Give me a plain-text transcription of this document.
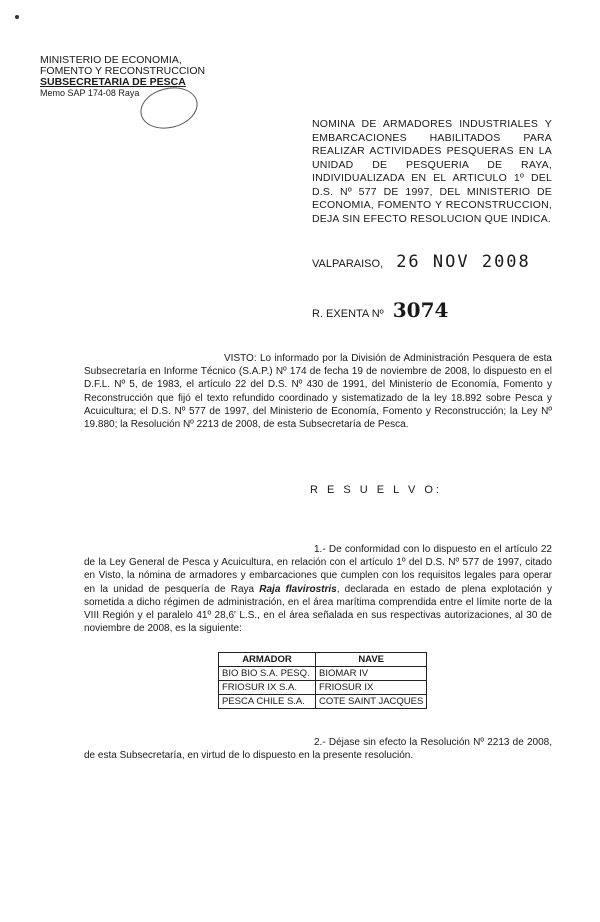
MINISTERIO DE ECONOMIA,
FOMENTO Y RECONSTRUCCION
SUBSECRETARIA DE PESCA
Memo SAP 174-08 Raya
NOMINA DE ARMADORES INDUSTRIALES Y EMBARCACIONES HABILITADOS PARA REALIZAR ACTIVIDADES PESQUERAS EN LA UNIDAD DE PESQUERIA DE RAYA, INDIVIDUALIZADA EN EL ARTICULO 1º DEL D.S. Nº 577 DE 1997, DEL MINISTERIO DE ECONOMIA, FOMENTO Y RECONSTRUCCION, DEJA SIN EFECTO RESOLUCION QUE INDICA.
VALPARAISO, 26 NOV 2008
R. EXENTA Nº 3074
VISTO: Lo informado por la División de Administración Pesquera de esta Subsecretaría en Informe Técnico (S.A.P.) Nº 174 de fecha 19 de noviembre de 2008, lo dispuesto en el D.F.L. Nº 5, de 1983, el artículo 22 del D.S. Nº 430 de 1991, del Ministerio de Economía, Fomento y Reconstrucción que fijó el texto refundido coordinado y sistematizado de la ley 18.892 sobre Pesca y Acuicultura; el D.S. Nº 577 de 1997, del Ministerio de Economía, Fomento y Reconstrucción; la Ley Nº 19.880; la Resolución Nº 2213 de 2008, de esta Subsecretaría de Pesca.
R E S U E L V O:
1.- De conformidad con lo dispuesto en el artículo 22 de la Ley General de Pesca y Acuicultura, en relación con el artículo 1º del D.S. Nº 577 de 1997, citado en Visto, la nómina de armadores y embarcaciones que cumplen con los requisitos legales para operar en la unidad de pesquería de Raya Raja flavirostris, declarada en estado de plena explotación y sometida a dicho régimen de administración, en el área marítima comprendida entre el límite norte de la VIII Región y el paralelo 41º 28,6' L.S., en el área señalada en sus respectivas autorizaciones, al 30 de noviembre de 2008, es la siguiente:
ARMADOR	NAVE
BIO BIO S.A. PESQ.	BIOMAR IV
FRIOSUR IX S.A.	FRIOSUR IX
PESCA CHILE S.A.	COTE SAINT JACQUES
2.- Déjase sin efecto la Resolución Nº 2213 de 2008, de esta Subsecretaría, en virtud de lo dispuesto en la presente resolución.
